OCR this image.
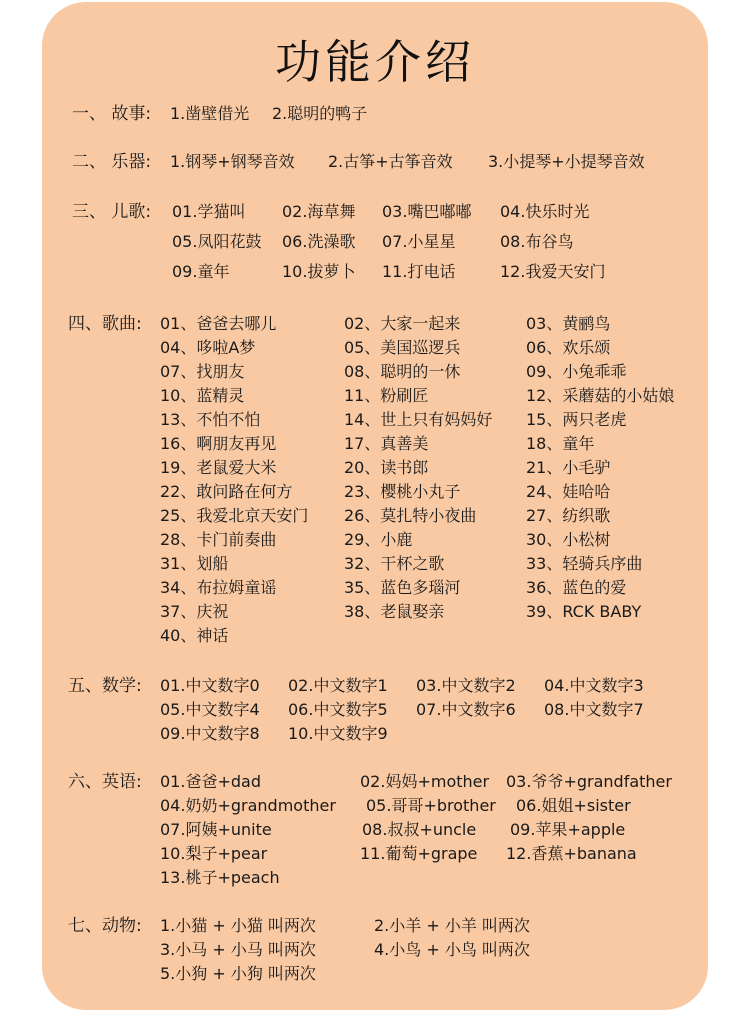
功能介绍
一、 故事: 1.凿壁借光 2.聪明的鸭子
二、 乐器: 1.钢琴+钢琴音效 2.古筝+古筝音效 3.小提琴+小提琴音效
三、 儿歌: 01.学猫叫 02.海草舞 03.嘴巴嘟嘟 04.快乐时光
05.凤阳花鼓 06.洗澡歌 07.小星星	08.布谷鸟
09.童年	10.拔萝卜 11.打电话	12.我爱天安门
四、歌曲: 01、爸爸去哪儿	02、大家一起来	03、黄鹂鸟
04、哆啦A梦	05、美国巡逻兵	06、欢乐颂
07、找朋友	08、聪明的一休	09、小兔乖乖
10、蓝精灵	11、粉刷匠	12、采蘑菇的小姑娘
13、不怕不怕	14、世上只有妈妈好 15、两只老虎
16、啊朋友再见	17、真善美	18、童年
19、老鼠爱大米	20、读书郎	21、小毛驴
22、敢问路在何方	23、樱桃小丸子	24、娃哈哈
25、我爱北京天安门 26、莫扎特小夜曲	27、纺织歌
28、卡门前奏曲	29、小鹿	30、小松树
31、划船	32、干杯之歌	33、轻骑兵序曲
34、布拉姆童谣	35、蓝色多瑙河	36、蓝色的爱
37、庆祝	38、老鼠娶亲	39、RCK BABY
40、神话
五、数学: 01.中文数字0 02.中文数字1 03.中文数字2 04.中文数字3
05.中文数字4 06.中文数字5 07.中文数字6 08.中文数字7
09.中文数字8 10.中文数字9
六、英语: 01.爸爸+dad	02.妈妈+mother 03.爷爷+grandfather
04.奶奶+grandmother 05.哥哥+brother 06.姐姐+sister
07.阿姨+unite	08.叔叔+uncle 09.苹果+apple
10.梨子+pear	11.葡萄+grape 12.香蕉+banana
13.桃子+peach
七、动物: 1.小猫 + 小猫 叫两次	2.小羊 + 小羊 叫两次
3.小马 + 小马 叫两次	4.小鸟 + 小鸟 叫两次
5.小狗 + 小狗 叫两次
